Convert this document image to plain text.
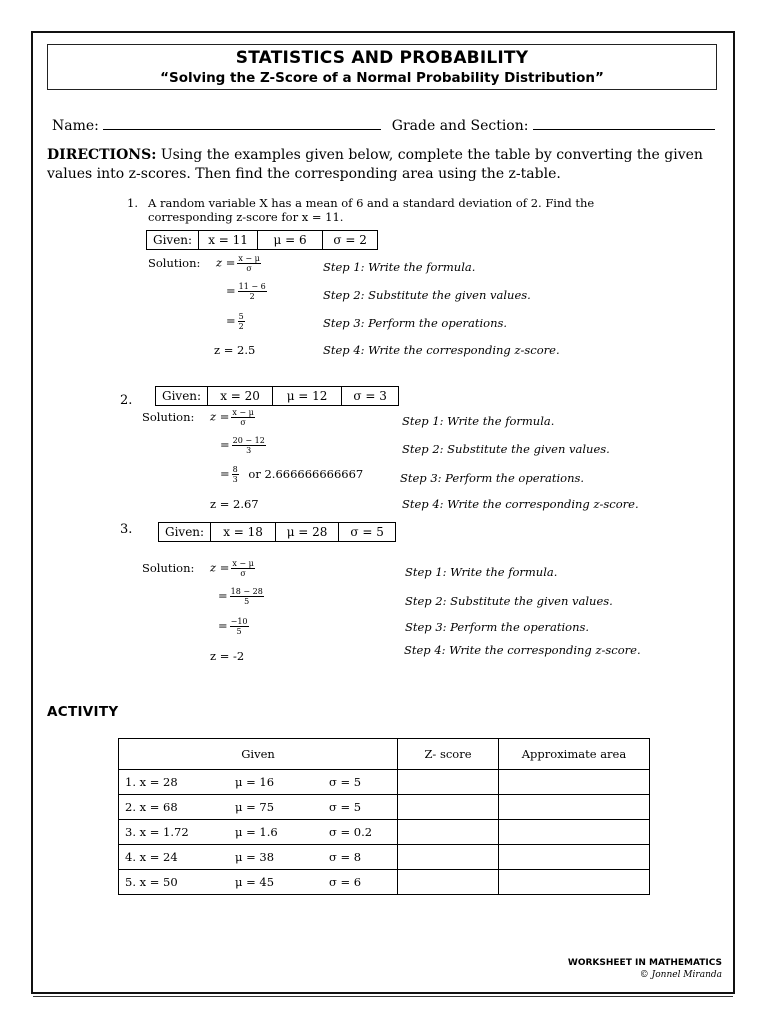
STATISTICS AND PROBABILITY
“Solving the Z-Score of a Normal Probability Distribution”
Name:	Grade and Section:
DIRECTIONS: Using the examples given below, complete the table by converting the given values into z-scores. Then find the corresponding area using the z-table.
1. A random variable X has a mean of 6 and a standard deviation of 2. Find the
corresponding z-score for x = 11.
Given:	x = 11	μ = 6	σ = 2
Solution: $z = \frac{x - \mu}{\sigma}$
= $\frac{11 - 6}{2}$
= $\frac{5}{2}$
z = 2.5
Step 1: Write the formula.
Step 2: Substitute the given values.
Step 3: Perform the operations.
Step 4: Write the corresponding z-score.
2. Given:	x = 20	μ = 12	σ = 3
Solution: $z = \frac{x - \mu}{\sigma}$
= $\frac{20 - 12}{3}$
= $\frac{8}{3}$ or 2.666666666667
z = 2.67
Step 1: Write the formula.
Step 2: Substitute the given values.
Step 3: Perform the operations.
Step 4: Write the corresponding z-score.
3.	Given:	x = 18	μ = 28	σ = 5
Solution: $z = \frac{x - \mu}{\sigma}$
= $\frac{18 - 28}{5}$
= $\frac{-10}{5}$
z = -2
Step 1: Write the formula.
Step 2: Substitute the given values.
Step 3: Perform the operations.
Step 4: Write the corresponding z-score.
ACTIVITY
Given	Z- score	Approximate area

1. x = 28 μ = 16 σ = 5		

2. x = 68 μ = 75 σ = 5		

3. x = 1.72 μ = 1.6 σ = 0.2		

4. x = 24 μ = 38 σ = 8		

5. x = 50 μ = 45 σ = 6		

WORKSHEET IN MATHEMATICS
© Jonnel Miranda
